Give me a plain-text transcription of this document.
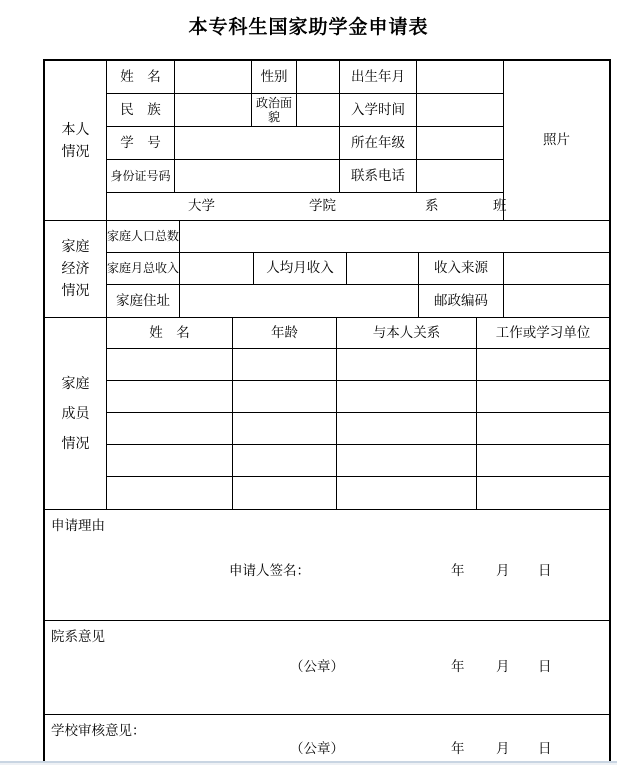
本专科生国家助学金申请表
本人
情况
姓　名	性别	出生年月
民　族	政治面貌	入学时间
学　号	所在年级
身份证号码	联系电话
照片
大学	学院	系	班
家庭
经济
情况
家庭人口总数
家庭月总收入	人均月收入	收入来源
家庭住址	邮政编码
家庭
成员
情况
姓　名	年龄	与本人关系	工作或学习单位
申请理由
申请人签名：	年 月 日
院系意见
（公章）	年 月 日
学校审核意见：
（公章）	年 月 日
